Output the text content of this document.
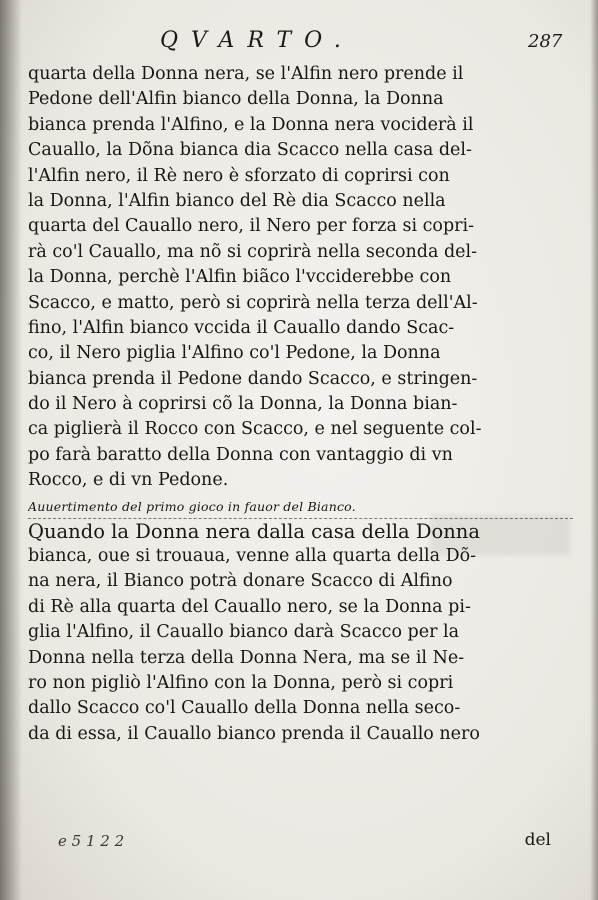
QVARTO.	287
quarta della Donna nera, se l'Alfin nero prende il
Pedone dell'Alfin bianco della Donna, la Donna
bianca prenda l'Alfino, e la Donna nera vociderà il
Cauallo, la Dõna bianca dia Scacco nella casa del-
l'Alfin nero, il Rè nero è sforzato di coprirsi con
la Donna, l'Alfin bianco del Rè dia Scacco nella
quarta del Cauallo nero, il Nero per forza si copri-
rà co'l Cauallo, ma nõ si coprirà nella seconda del-
la Donna, perchè l'Alfin biãco l'vcciderebbe con
Scacco, e matto, però si coprirà nella terza dell'Al-
fino, l'Alfin bianco vccida il Cauallo dando Scac-
co, il Nero piglia l'Alfino co'l Pedone, la Donna
bianca prenda il Pedone dando Scacco, e stringen-
do il Nero à coprirsi cõ la Donna, la Donna bian-
ca piglierà il Rocco con Scacco, e nel seguente col-
po farà baratto della Donna con vantaggio di vn
Rocco, e di vn Pedone.
Auuertimento del primo gioco in fauor del Bianco.
Quando la Donna nera dalla casa della Donna
bianca, oue si trouaua, venne alla quarta della Dõ-
na nera, il Bianco potrà donare Scacco di Alfino
di Rè alla quarta del Cauallo nero, se la Donna pi-
glia l'Alfino, il Cauallo bianco darà Scacco per la
Donna nella terza della Donna Nera, ma se il Ne-
ro non pigliò l'Alfino con la Donna, però si copri
dallo Scacco co'l Cauallo della Donna nella seco-
da di essa, il Cauallo bianco prenda il Cauallo nero
e 5 1 2 2	del
